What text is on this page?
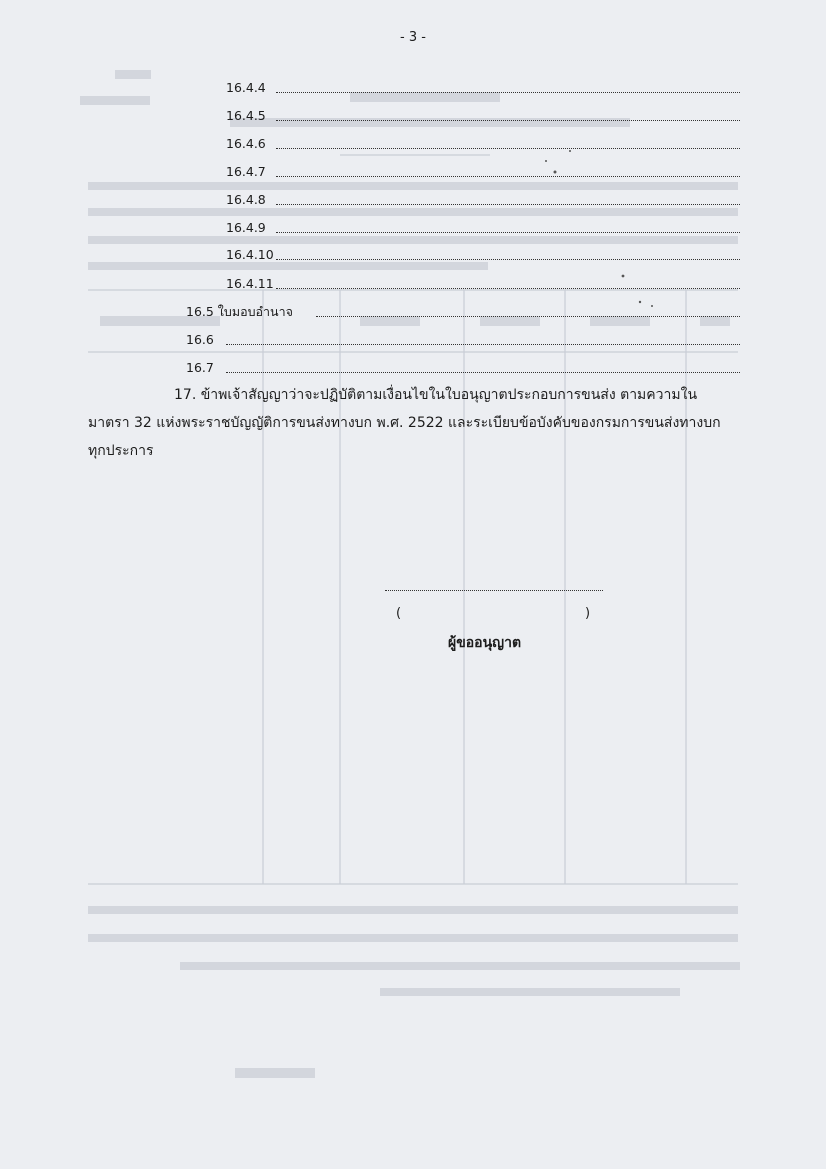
- 3 -
16.4.4
16.4.5
16.4.6
16.4.7
16.4.8
16.4.9
16.4.10
16.4.11
16.5 ใบมอบอำนาจ
16.6
16.7
17. ข้าพเจ้าสัญญาว่าจะปฏิบัติตามเงื่อนไขในใบอนุญาตประกอบการขนส่ง ตามความใน
มาตรา 32 แห่งพระราชบัญญัติการขนส่งทางบก พ.ศ. 2522 และระเบียบข้อบังคับของกรมการขนส่งทางบก
ทุกประการ
(	)
ผู้ขออนุญาต
